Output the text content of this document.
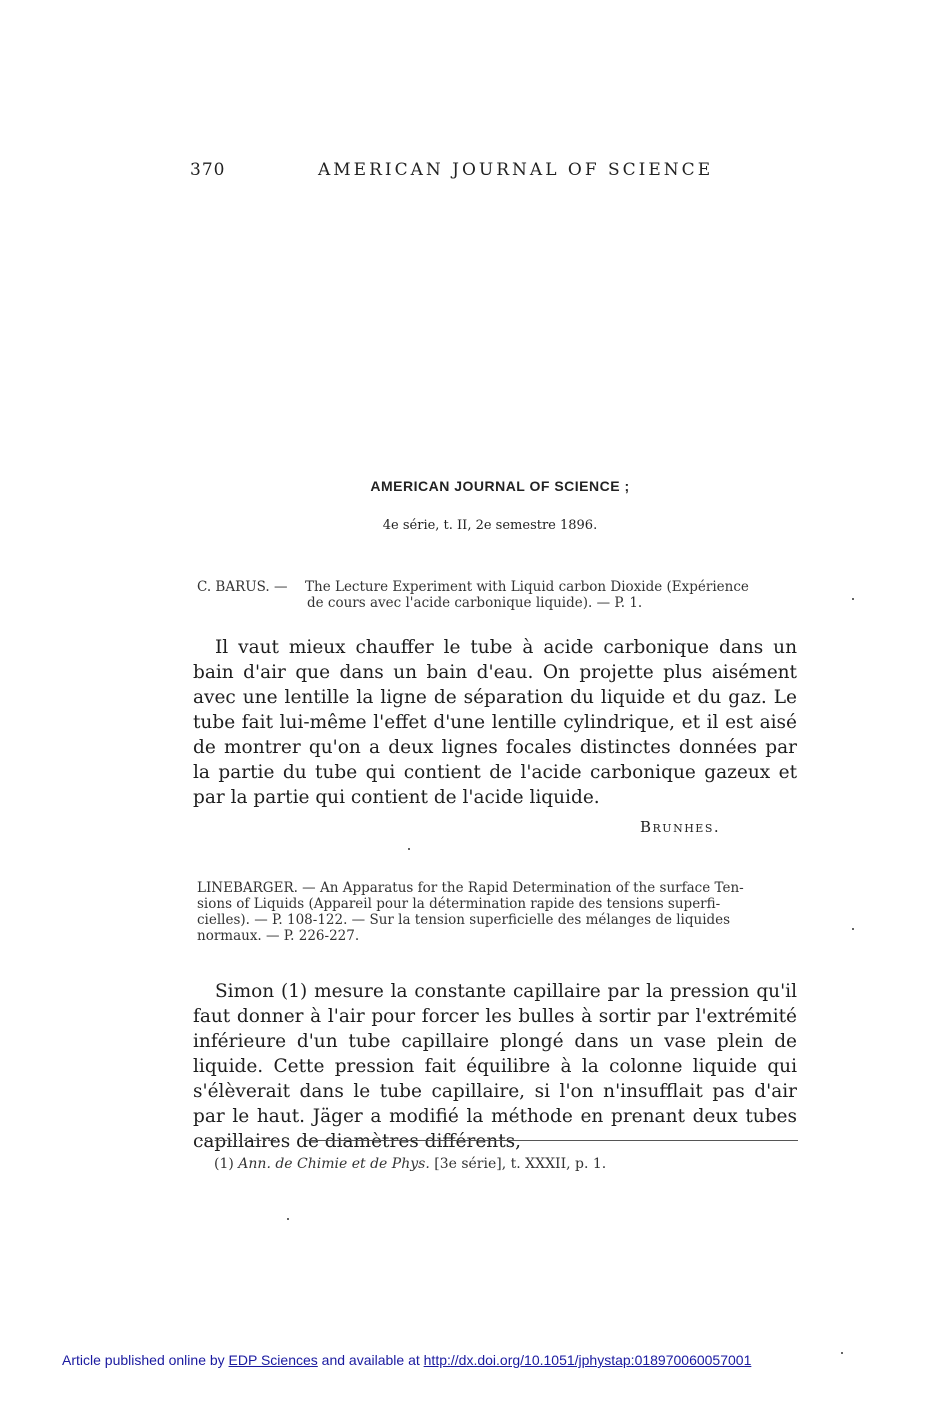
370	AMERICAN JOURNAL OF SCIENCE
AMERICAN JOURNAL OF SCIENCE ;
4e série, t. II, 2e semestre 1896.
C. BARUS. — The Lecture Experiment with Liquid carbon Dioxide (Expérience
de cours avec l'acide carbonique liquide). — P. 1.
Il vaut mieux chauffer le tube à acide carbonique dans un bain d'air que dans un bain d'eau. On projette plus aisément avec une lentille la ligne de séparation du liquide et du gaz. Le tube fait lui-même l'effet d'une lentille cylindrique, et il est aisé de montrer qu'on a deux lignes focales distinctes données par la partie du tube qui contient de l'acide carbonique gazeux et par la partie qui contient de l'acide liquide.
Brunhes.
LINEBARGER. — An Apparatus for the Rapid Determination of the surface Ten-
sions of Liquids (Appareil pour la détermination rapide des tensions superfi-
cielles). — P. 108-122. — Sur la tension superficielle des mélanges de liquides
normaux. — P. 226-227.
Simon (1) mesure la constante capillaire par la pression qu'il faut donner à l'air pour forcer les bulles à sortir par l'extrémité inférieure d'un tube capillaire plongé dans un vase plein de liquide. Cette pression fait équilibre à la colonne liquide qui s'élèverait dans le tube capillaire, si l'on n'insufflait pas d'air par le haut. Jäger a modifié la méthode en prenant deux tubes capillaires de diamètres différents,
(1) Ann. de Chimie et de Phys. [3e série], t. XXXII, p. 1.
Article published online by EDP Sciences and available at http://dx.doi.org/10.1051/jphystap:018970060057001
